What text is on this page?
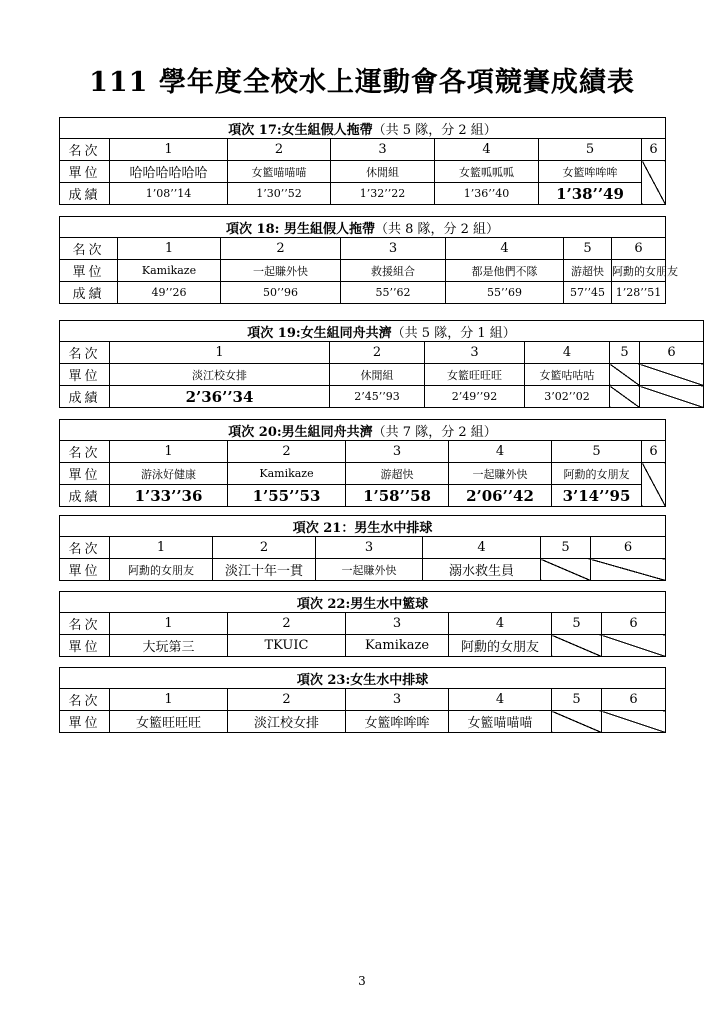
111 學年度全校水上運動會各項競賽成績表
項次 17:女生組假人拖帶（共 5 隊，分 2 組）						
名次	1	2	3	4	5	6
單位	哈哈哈哈哈哈	女籃喵喵喵	休閒組	女籃呱呱呱	女籃哞哞哞	
成績	1’08’’14	1’30’’52	1’32’’22	1’36’’40	1’38’’49	
項次 18: 男生組假人拖帶（共 8 隊，分 2 組）						
名次	1	2	3	4	5	6
單位	Kamikaze	一起賺外快	救援組合	都是他們不隊	游超快	阿勳的女朋友
成績	49’’26	50’’96	55’’62	55’’69	57’’45	1’28’’51
項次 19:女生組同舟共濟（共 5 隊，分 1 組）						
名次	1	2	3	4	5	6
單位	淡江校女排	休閒組	女籃旺旺旺	女籃咕咕咕		
成績	2’36’’34	2’45’’93	2’49’’92	3’02’’02		
項次 20:男生組同舟共濟（共 7 隊，分 2 組）						
名次	1	2	3	4	5	6
單位	游泳好健康	Kamikaze	游超快	一起賺外快	阿勳的女朋友	
成績	1’33’’36	1’55’’53	1’58’’58	2’06’’42	3’14’’95	
項次 21：男生水中排球						
名次	1	2	3	4	5	6
單位	阿勳的女朋友	淡江十年一貫	一起賺外快	溺水救生員		
項次 22:男生水中籃球						
名次	1	2	3	4	5	6
單位	大玩第三	TKUIC	Kamikaze	阿勳的女朋友		
項次 23:女生水中排球						
名次	1	2	3	4	5	6
單位	女籃旺旺旺	淡江校女排	女籃哞哞哞	女籃喵喵喵		
3
